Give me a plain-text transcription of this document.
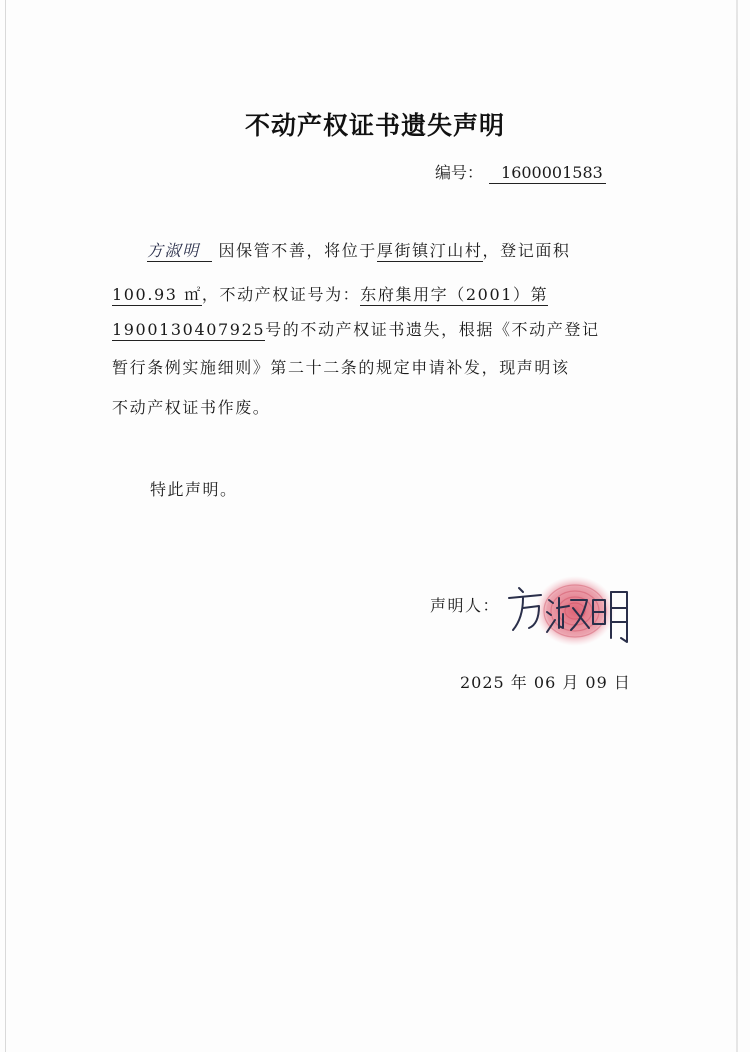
不动产权证书遗失声明
编号： 1600001583
方淑明 因保管不善，将位于厚街镇汀山村，登记面积
100.93 ㎡，不动产权证号为：东府集用字（2001）第
1900130407925号的不动产权证书遗失，根据《不动产登记
暂行条例实施细则》第二十二条的规定申请补发，现声明该
不动产权证书作废。
特此声明。
声明人：
2025 年 06 月 09 日
